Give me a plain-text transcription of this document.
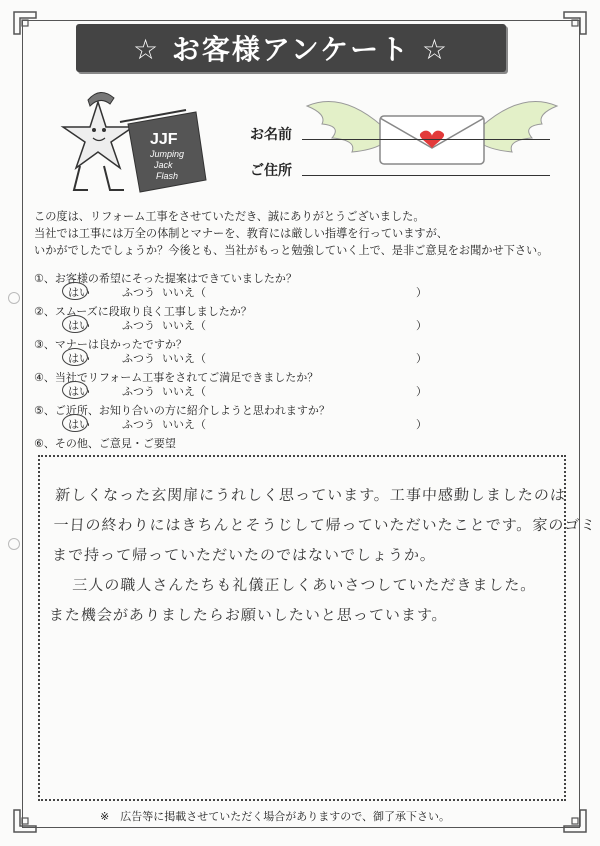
☆ お客様アンケート ☆
JJF
Jumping
Jack
Flash
お名前
ご住所

この度は、リフォーム工事をさせていただき、誠にありがとうございました。

当社では工事には万全の体制とマナーを、教育には厳しい指導を行っていますが、

いかがでしたでしょうか？今後とも、当社がもっと勉強していく上で、是非ご意見をお聞かせ下さい。

①、お客様の希望にそった提案はできていましたか？
はい	ふつう いいえ（	）
②、スムーズに段取り良く工事しましたか？
はい	ふつう いいえ（	）
③、マナーは良かったですか？
はい	ふつう いいえ（	）
④、当社でリフォーム工事をされてご満足できましたか？
はい	ふつう いいえ（	）
⑤、ご近所、お知り合いの方に紹介しようと思われますか？
はい	ふつう いいえ（	）
⑥、その他、ご意見・ご要望

新しくなった玄関扉にうれしく思っています。工事中感動しましたのは

一日の終わりにはきちんとそうじして帰っていただいたことです。家のゴミ

まで持って帰っていただいたのではないでしょうか。

三人の職人さんたちも礼儀正しくあいさつしていただきました。

また機会がありましたらお願いしたいと思っています。

※　広告等に掲載させていただく場合がありますので、御了承下さい。
